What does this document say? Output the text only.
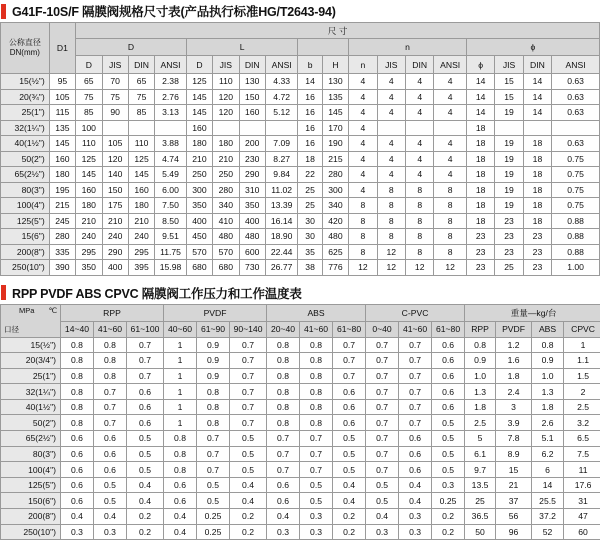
G41F-10S/F 隔膜阀规格尺寸表(产品执行标准HG/T2643-94)
公称直径 DN(mm)	D1	尺 寸																	
		D				L						n				ϕ			
		D	JIS	DIN	ANSI	D	JIS	DIN	ANSI	b	H	n	JIS	DIN	ANSI	ϕ	JIS	DIN	ANSI
15(½")	95	65	70	65	2.38	125	110	130	4.33	14	130	4	4	4	4	14	15	14	0.63
20(¾")	105	75	75	75	2.76	145	120	150	4.72	16	135	4	4	4	4	14	15	14	0.63
25(1")	115	85	90	85	3.13	145	120	160	5.12	16	145	4	4	4	4	14	19	14	0.63
32(1¼")	135	100				160				16	170	4				18			
40(1½")	145	110	105	110	3.88	180	180	200	7.09	16	190	4	4	4	4	18	19	18	0.63
50(2")	160	125	120	125	4.74	210	210	230	8.27	18	215	4	4	4	4	18	19	18	0.75
65(2½")	180	145	140	145	5.49	250	250	290	9.84	22	280	4	4	4	4	18	19	18	0.75
80(3")	195	160	150	160	6.00	300	280	310	11.02	25	300	4	8	8	8	18	19	18	0.75
100(4")	215	180	175	180	7.50	350	340	350	13.39	25	340	8	8	8	8	18	19	18	0.75
125(5")	245	210	210	210	8.50	400	410	400	16.14	30	420	8	8	8	8	18	23	18	0.88
15(6")	280	240	240	240	9.51	450	480	480	18.90	30	480	8	8	8	8	23	23	23	0.88
200(8")	335	295	290	295	11.75	570	570	600	22.44	35	625	8	12	8	8	23	23	23	0.88
250(10")	390	350	400	395	15.98	680	680	730	26.77	38	776	12	12	12	12	23	25	23	1.00
RPP PVDF ABS CPVC 隔膜阀工作压力和工作温度表
MPa ℃
口径	RPP			PVDF			ABS			C-PVC			重量—kg/台			
	14~40	41~60	61~100	40~60	61~90	90~140	20~40	41~60	61~80	0~40	41~60	61~80	RPP	PVDF	ABS	CPVC
15(½")	0.8	0.8	0.7	1	0.9	0.7	0.8	0.8	0.7	0.7	0.7	0.6	0.8	1.2	0.8	1
20(3/4")	0.8	0.8	0.7	1	0.9	0.7	0.8	0.8	0.7	0.7	0.7	0.6	0.9	1.6	0.9	1.1
25(1")	0.8	0.8	0.7	1	0.9	0.7	0.8	0.8	0.7	0.7	0.7	0.6	1.0	1.8	1.0	1.5
32(1¼")	0.8	0.7	0.6	1	0.8	0.7	0.8	0.8	0.6	0.7	0.7	0.6	1.3	2.4	1.3	2
40(1½")	0.8	0.7	0.6	1	0.8	0.7	0.8	0.8	0.6	0.7	0.7	0.6	1.8	3	1.8	2.5
50(2")	0.8	0.7	0.6	1	0.8	0.7	0.8	0.8	0.6	0.7	0.7	0.5	2.5	3.9	2.6	3.2
65(2½")	0.6	0.6	0.5	0.8	0.7	0.5	0.7	0.7	0.5	0.7	0.6	0.5	5	7.8	5.1	6.5
80(3")	0.6	0.6	0.5	0.8	0.7	0.5	0.7	0.7	0.5	0.7	0.6	0.5	6.1	8.9	6.2	7.5
100(4")	0.6	0.6	0.5	0.8	0.7	0.5	0.7	0.7	0.5	0.7	0.6	0.5	9.7	15	6	11
125(5")	0.6	0.5	0.4	0.6	0.5	0.4	0.6	0.5	0.4	0.5	0.4	0.3	13.5	21	14	17.6
150(6")	0.6	0.5	0.4	0.6	0.5	0.4	0.6	0.5	0.4	0.5	0.4	0.25	25	37	25.5	31
200(8")	0.4	0.4	0.2	0.4	0.25	0.2	0.4	0.3	0.2	0.4	0.3	0.2	36.5	56	37.2	47
250(10")	0.3	0.3	0.2	0.4	0.25	0.2	0.3	0.3	0.2	0.3	0.3	0.2	50	96	52	60
